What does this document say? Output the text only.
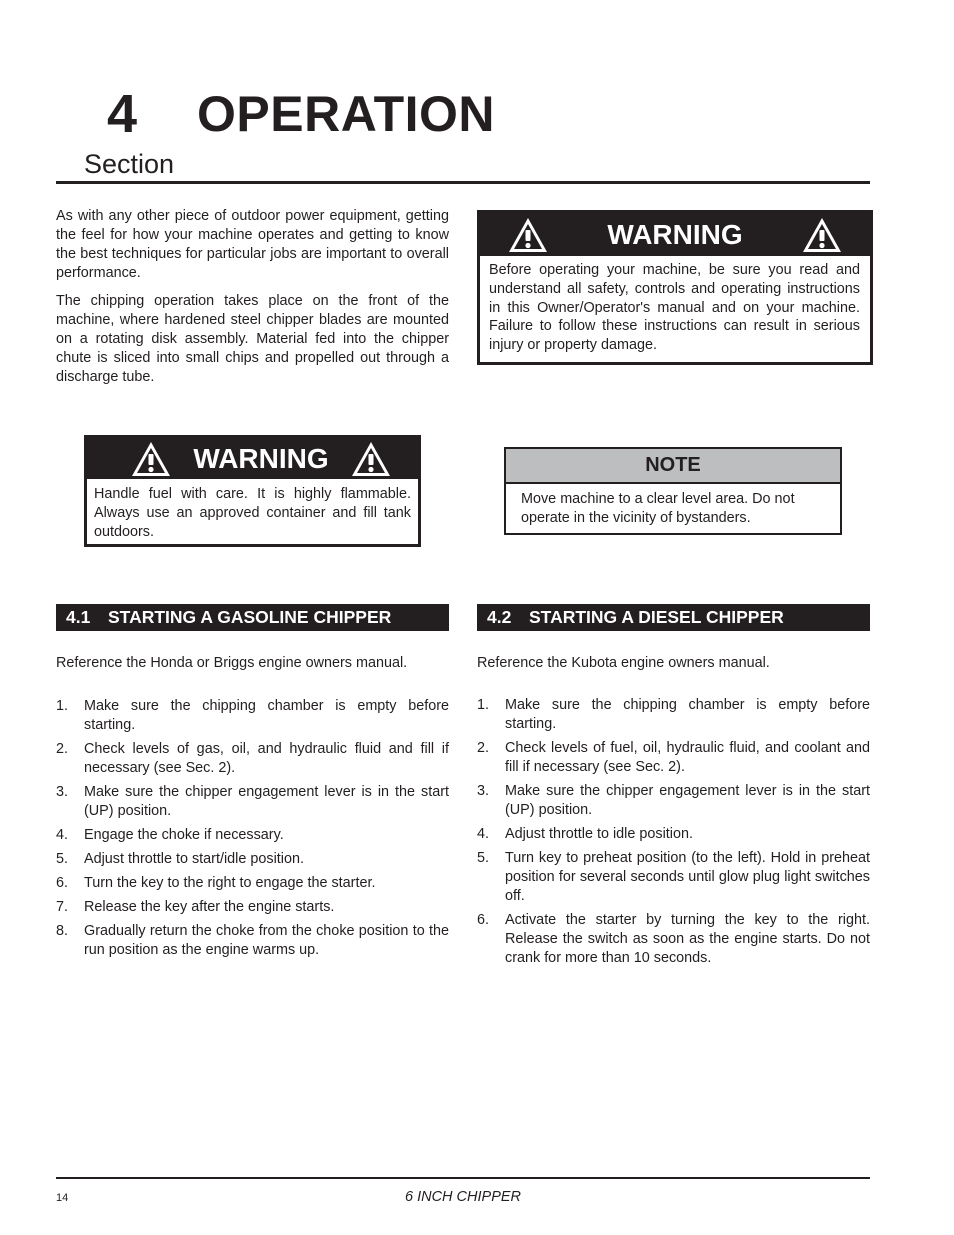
4 OPERATION
Section

As with any other piece of outdoor power equipment, getting the feel for how your machine operates and getting to know the best techniques for particular jobs are important to overall performance.

The chipping operation takes place on the front of the machine, where hardened steel chipper blades are mounted on a rotating disk assembly. Material fed into the chipper chute is sliced into small chips and propelled out through a discharge tube.

WARNING
Before operating your machine, be sure you read and understand all safety, controls and operating instructions in this Owner/Operator's manual and on your machine. Failure to follow these instructions can result in serious injury or property damage.
WARNING
Handle fuel with care. It is highly flammable. Always use an approved container and fill tank outdoors.
NOTE
Move machine to a clear level area. Do not operate in the vicinity of bystanders.
4.1 STARTING A GASOLINE CHIPPER
Reference the Honda or Briggs engine owners manual.
1.	Make sure the chipping chamber is empty before starting.
2.	Check levels of gas, oil, and hydraulic fluid and fill if necessary (see Sec. 2).
3.	Make sure the chipper engagement lever is in the start (UP) position.
4.	Engage the choke if necessary.
5.	Adjust throttle to start/idle position.
6.	Turn the key to the right to engage the starter.
7.	Release the key after the engine starts.
8.	Gradually return the choke from the choke position to the run position as the engine warms up.
4.2 STARTING A DIESEL CHIPPER
Reference the Kubota engine owners manual.
1.	Make sure the chipping chamber is empty before starting.
2.	Check levels of fuel, oil, hydraulic fluid, and coolant and fill if necessary (see Sec. 2).
3.	Make sure the chipper engagement lever is in the start (UP) position.
4.	Adjust throttle to idle position.
5.	Turn key to preheat position (to the left). Hold in preheat position for several seconds until glow plug light switches off.
6.	Activate the starter by turning the key to the right. Release the switch as soon as the engine starts. Do not crank for more than 10 seconds.
14	6 INCH CHIPPER
